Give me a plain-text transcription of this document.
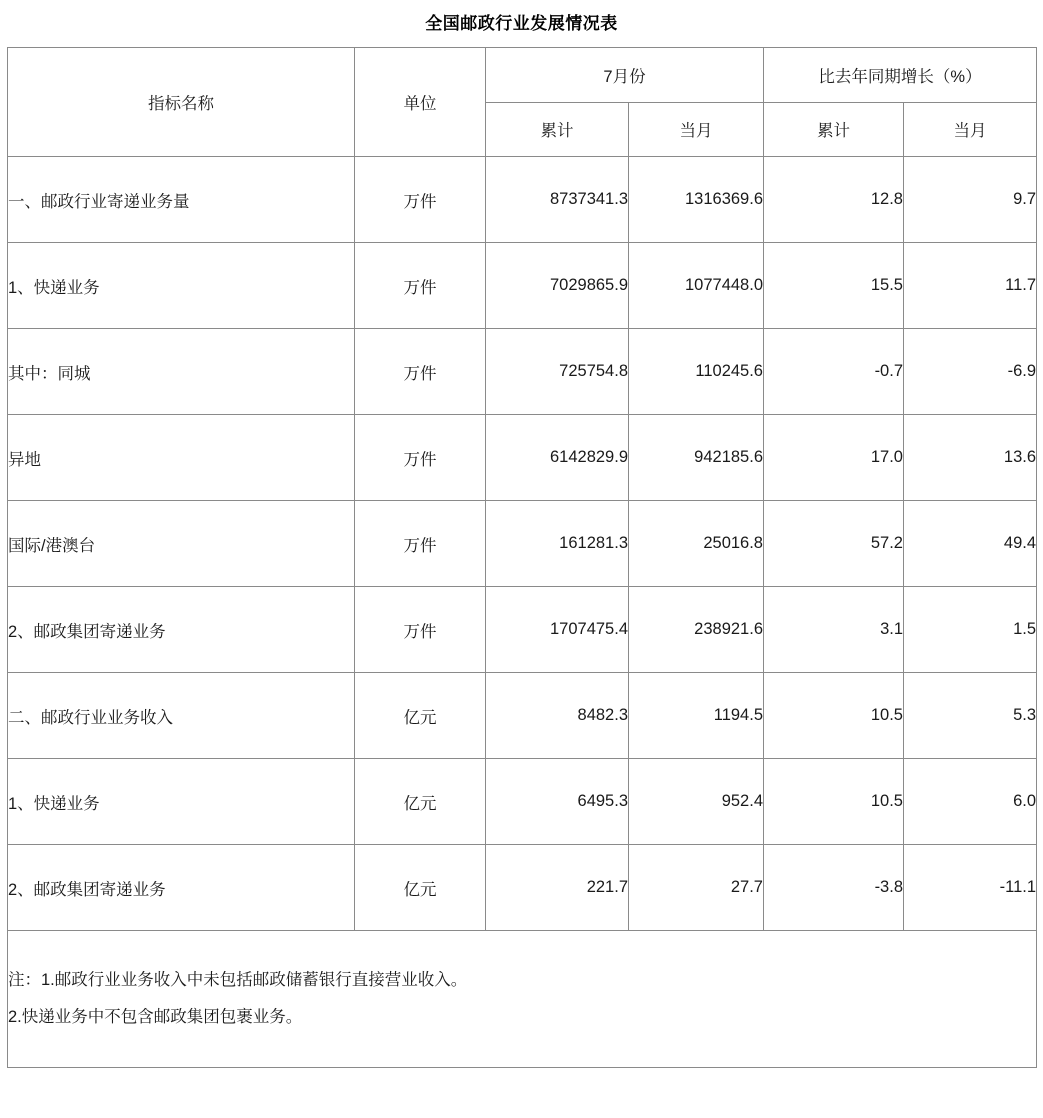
全国邮政行业发展情况表
指标名称	单位	7月份		比去年同期增长（%）	
		累计	当月	累计	当月
一、邮政行业寄递业务量	万件	8737341.3	1316369.6	12.8	9.7
1、快递业务	万件	7029865.9	1077448.0	15.5	11.7
其中：同城	万件	725754.8	110245.6	-0.7	-6.9
异地	万件	6142829.9	942185.6	17.0	13.6
国际/港澳台	万件	161281.3	25016.8	57.2	49.4
2、邮政集团寄递业务	万件	1707475.4	238921.6	3.1	1.5
二、邮政行业业务收入	亿元	8482.3	1194.5	10.5	5.3
1、快递业务	亿元	6495.3	952.4	10.5	6.0
2、邮政集团寄递业务	亿元	221.7	27.7	-3.8	-11.1

注：1.邮政行业业务收入中未包括邮政储蓄银行直接营业收入。
2.快递业务中不包含邮政集团包裹业务。					
